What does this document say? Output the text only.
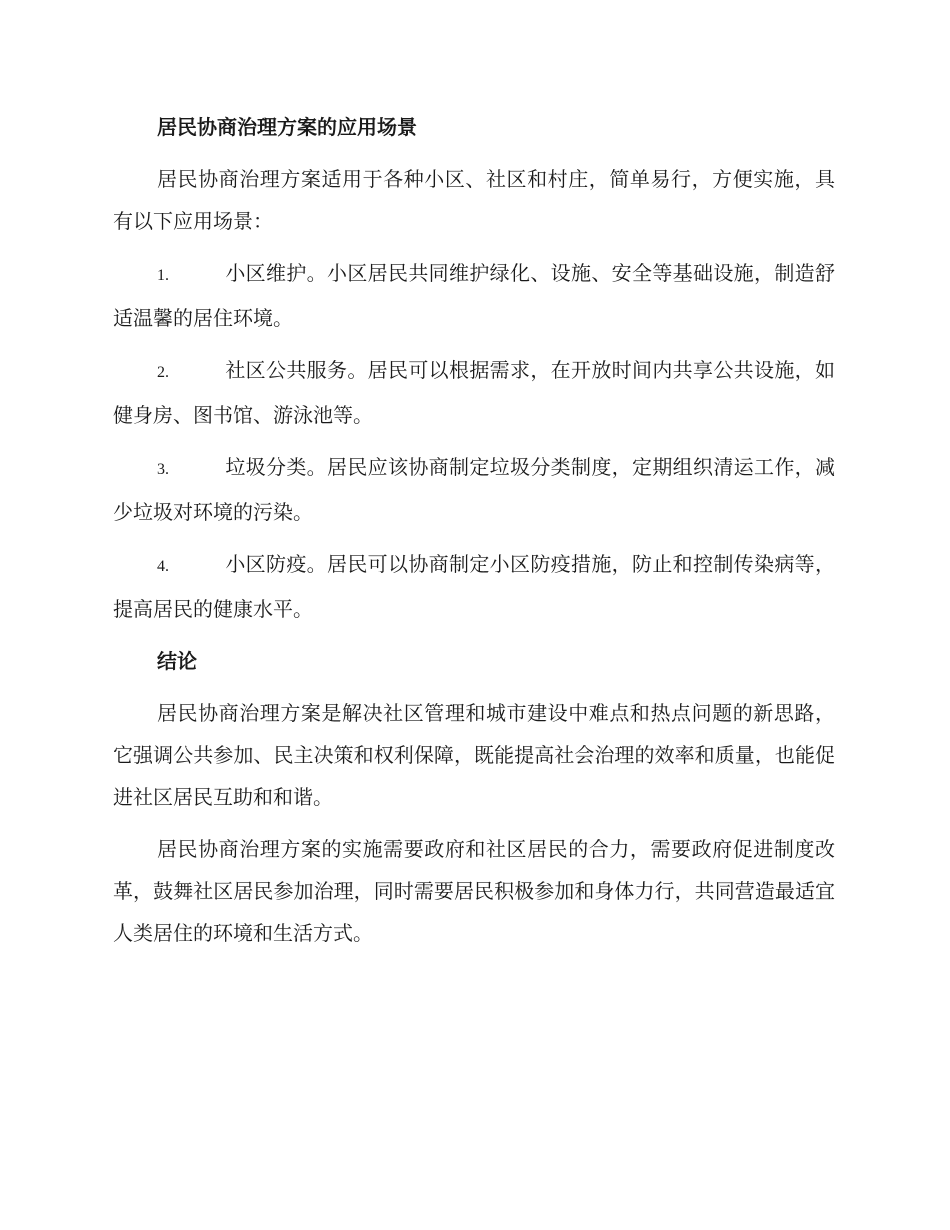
居民协商治理方案的应用场景

居民协商治理方案适用于各种小区、社区和村庄，简单易行，方便实施，具有以下应用场景：

1.	小区维护。小区居民共同维护绿化、设施、安全等基础设施，制造舒适温馨的居住环境。

2.	社区公共服务。居民可以根据需求，在开放时间内共享公共设施，如健身房、图书馆、游泳池等。

3.	垃圾分类。居民应该协商制定垃圾分类制度，定期组织清运工作，减少垃圾对环境的污染。

4.	小区防疫。居民可以协商制定小区防疫措施，防止和控制传染病等，提高居民的健康水平。

结论

居民协商治理方案是解决社区管理和城市建设中难点和热点问题的新思路，它强调公共参加、民主决策和权利保障，既能提高社会治理的效率和质量，也能促进社区居民互助和和谐。

居民协商治理方案的实施需要政府和社区居民的合力，需要政府促进制度改革，鼓舞社区居民参加治理，同时需要居民积极参加和身体力行，共同营造最适宜人类居住的环境和生活方式。
